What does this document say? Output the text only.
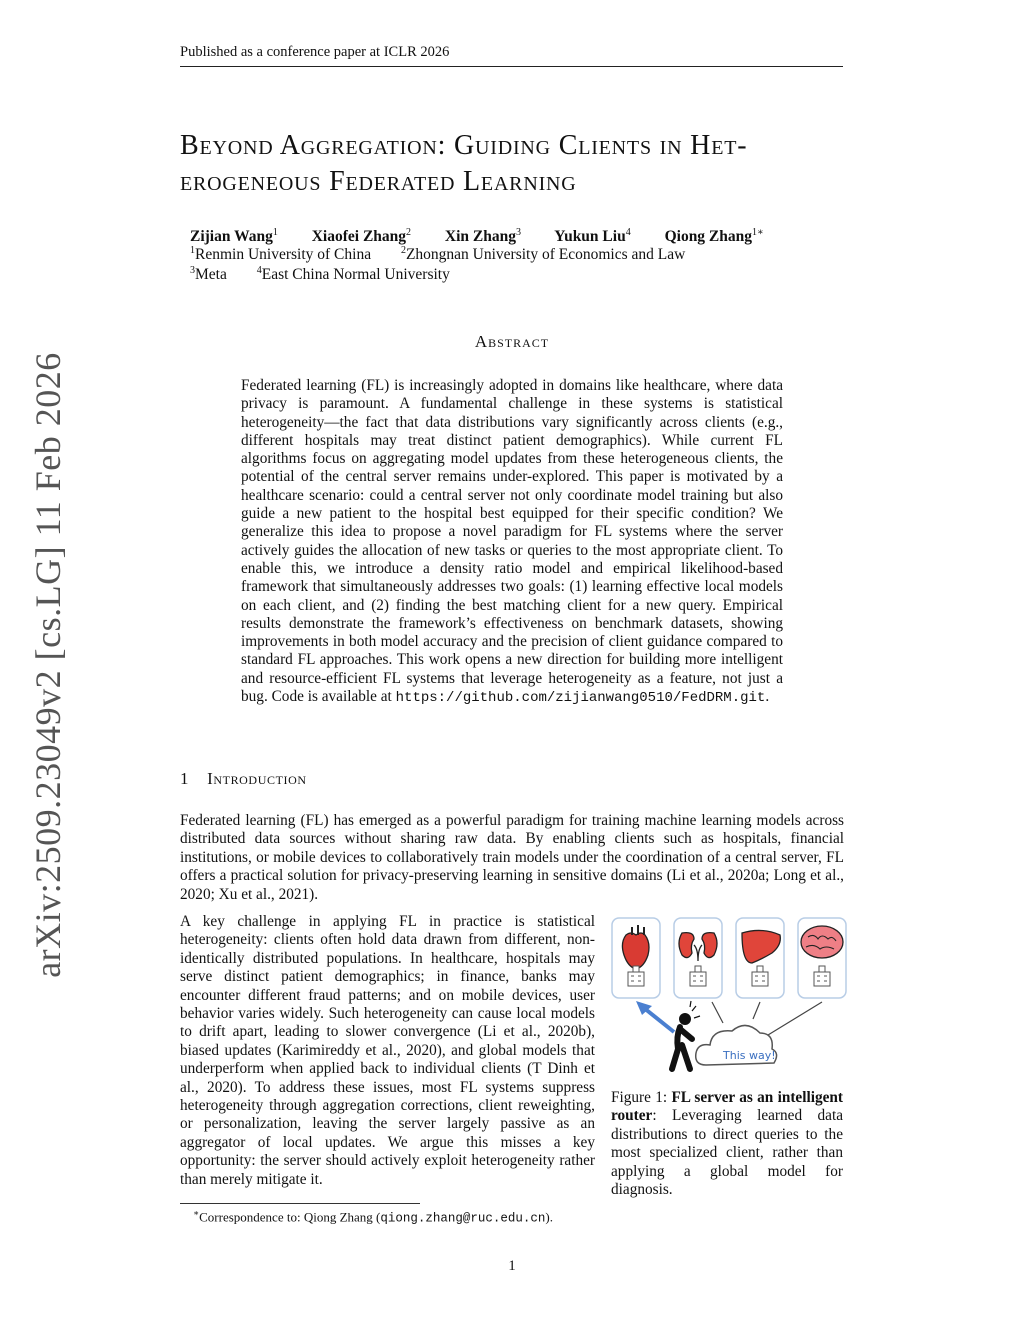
Published as a conference paper at ICLR 2026
arXiv:2509.23049v2 [cs.LG] 11 Feb 2026
Beyond Aggregation: Guiding Clients in Het-
erogeneous Federated Learning
Zijian Wang$^1$ Xiaofei Zhang$^2$ Xin Zhang$^3$ Yukun Liu$^4$ Qiong Zhang$^{1∗}$
$^1$Renmin University of China	$^2$Zhongnan University of Economics and Law
$^3$Meta	$^4$East China Normal University
Abstract
Federated learning (FL) is increasingly adopted in domains like healthcare, where data privacy is paramount. A fundamental challenge in these systems is statistical heterogeneity—the fact that data distributions vary significantly across clients (e.g., different hospitals may treat distinct patient demographics). While current FL algorithms focus on aggregating model updates from these heterogeneous clients, the potential of the central server remains under-explored. This paper is motivated by a healthcare scenario: could a central server not only coordinate model training but also guide a new patient to the hospital best equipped for their specific condition? We generalize this idea to propose a novel paradigm for FL systems where the server actively guides the allocation of new tasks or queries to the most appropriate client. To enable this, we introduce a density ratio model and empirical likelihood-based framework that simultaneously addresses two goals: (1) learning effective local models on each client, and (2) finding the best matching client for a new query. Empirical results demonstrate the framework’s effectiveness on benchmark datasets, showing improvements in both model accuracy and the precision of client guidance compared to standard FL approaches. This work opens a new direction for building more intelligent and resource-efficient FL systems that leverage heterogeneity as a feature, not just a bug. Code is available at https://github.com/zijianwang0510/FedDRM.git.
1 Introduction
Federated learning (FL) has emerged as a powerful paradigm for training machine learning models across distributed data sources without sharing raw data. By enabling clients such as hospitals, financial institutions, or mobile devices to collaboratively train models under the coordination of a central server, FL offers a practical solution for privacy-preserving learning in sensitive domains (Li et al., 2020a; Long et al., 2020; Xu et al., 2021).
A key challenge in applying FL in practice is statistical heterogeneity: clients often hold data drawn from different, non-identically distributed populations. In healthcare, hospitals may serve distinct patient demographics; in finance, banks may encounter different fraud patterns; and on mobile devices, user behavior varies widely. Such heterogeneity can cause local models to drift apart, leading to slower convergence (Li et al., 2020b), biased updates (Karimireddy et al., 2020), and global models that underperform when applied back to individual clients (T Dinh et al., 2020). To address these issues, most FL systems suppress heterogeneity through aggregation corrections, client reweighting, or personalization, leaving the server largely passive as an aggregator of local updates. We argue this misses a key opportunity: the server should actively exploit heterogeneity rather than merely mitigate it.
This way!
Figure 1: FL server as an intelligent router: Leveraging learned data distributions to direct queries to the most specialized client, rather than applying a global model for diagnosis.
∗Correspondence to: Qiong Zhang (qiong.zhang@ruc.edu.cn).
1
